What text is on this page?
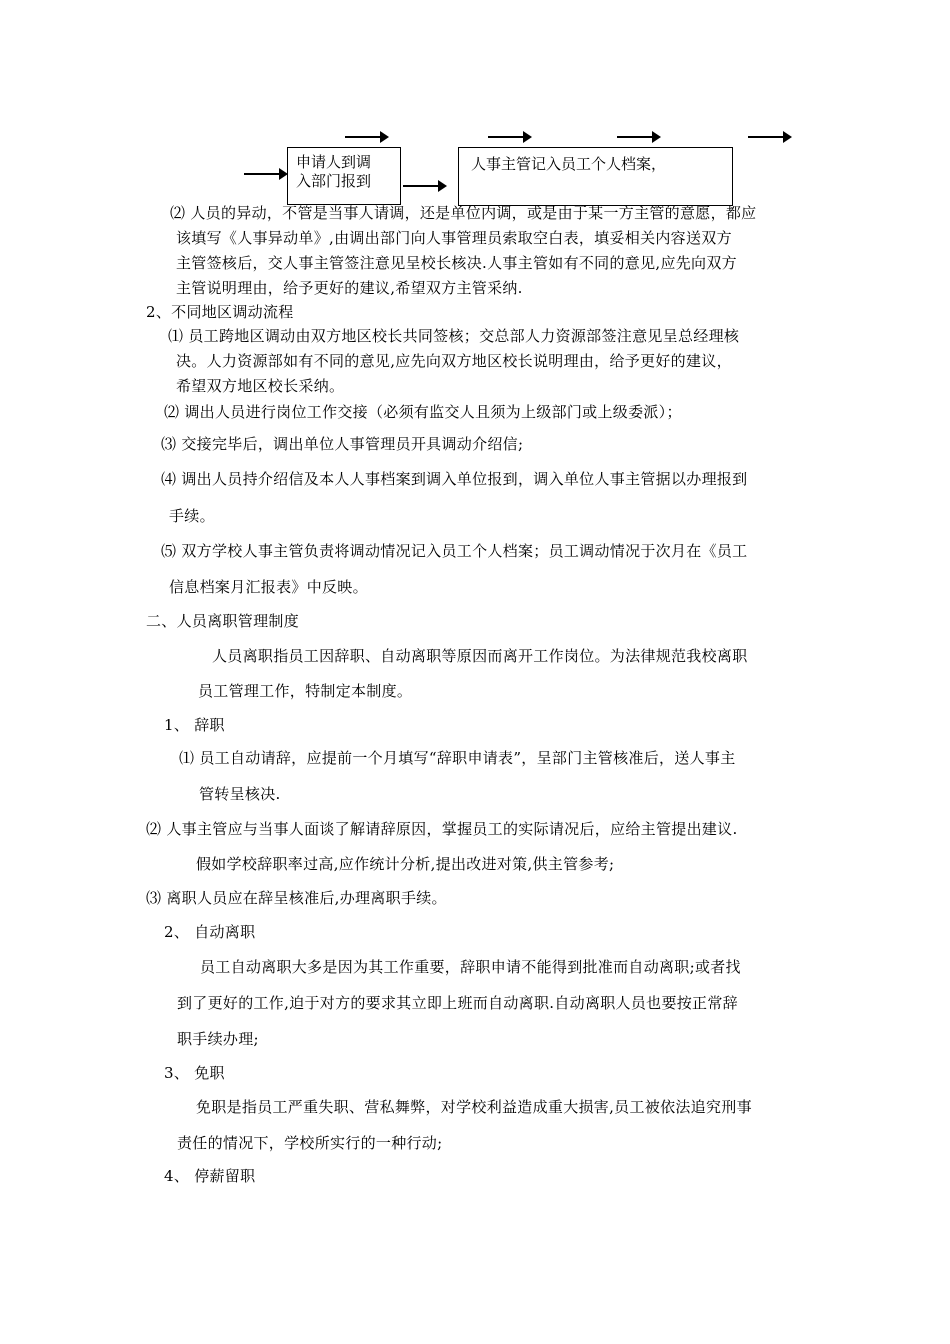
申请人到调
入部门报到
人事主管记入员工个人档案，
⑵ 人员的异动，不管是当事人请调，还是单位内调，或是由于某一方主管的意愿，都应
该填写《人事异动单》,由调出部门向人事管理员索取空白表，填妥相关内容送双方
主管签核后，交人事主管签注意见呈校长核决.人事主管如有不同的意见,应先向双方
主管说明理由，给予更好的建议,希望双方主管采纳.
2、不同地区调动流程
⑴ 员工跨地区调动由双方地区校长共同签核；交总部人力资源部签注意见呈总经理核
决。人力资源部如有不同的意见,应先向双方地区校长说明理由，给予更好的建议，
希望双方地区校长采纳。
⑵ 调出人员进行岗位工作交接（必须有监交人且须为上级部门或上级委派）；
⑶ 交接完毕后，调出单位人事管理员开具调动介绍信;
⑷ 调出人员持介绍信及本人人事档案到调入单位报到，调入单位人事主管据以办理报到
手续。
⑸ 双方学校人事主管负责将调动情况记入员工个人档案；员工调动情况于次月在《员工
信息档案月汇报表》中反映。
二、人员离职管理制度
人员离职指员工因辞职、自动离职等原因而离开工作岗位。为法律规范我校离职
员工管理工作，特制定本制度。
1、 辞职
⑴ 员工自动请辞，应提前一个月填写“辞职申请表”，呈部门主管核准后，送人事主
管转呈核决.
⑵ 人事主管应与当事人面谈了解请辞原因，掌握员工的实际请况后，应给主管提出建议.
假如学校辞职率过高,应作统计分析,提出改进对策,供主管参考;
⑶ 离职人员应在辞呈核准后,办理离职手续。
2、 自动离职
员工自动离职大多是因为其工作重要，辞职申请不能得到批准而自动离职;或者找
到了更好的工作,迫于对方的要求其立即上班而自动离职.自动离职人员也要按正常辞
职手续办理;
3、 免职
免职是指员工严重失职、营私舞弊，对学校利益造成重大损害,员工被依法追究刑事
责任的情况下，学校所实行的一种行动;
4、 停薪留职
